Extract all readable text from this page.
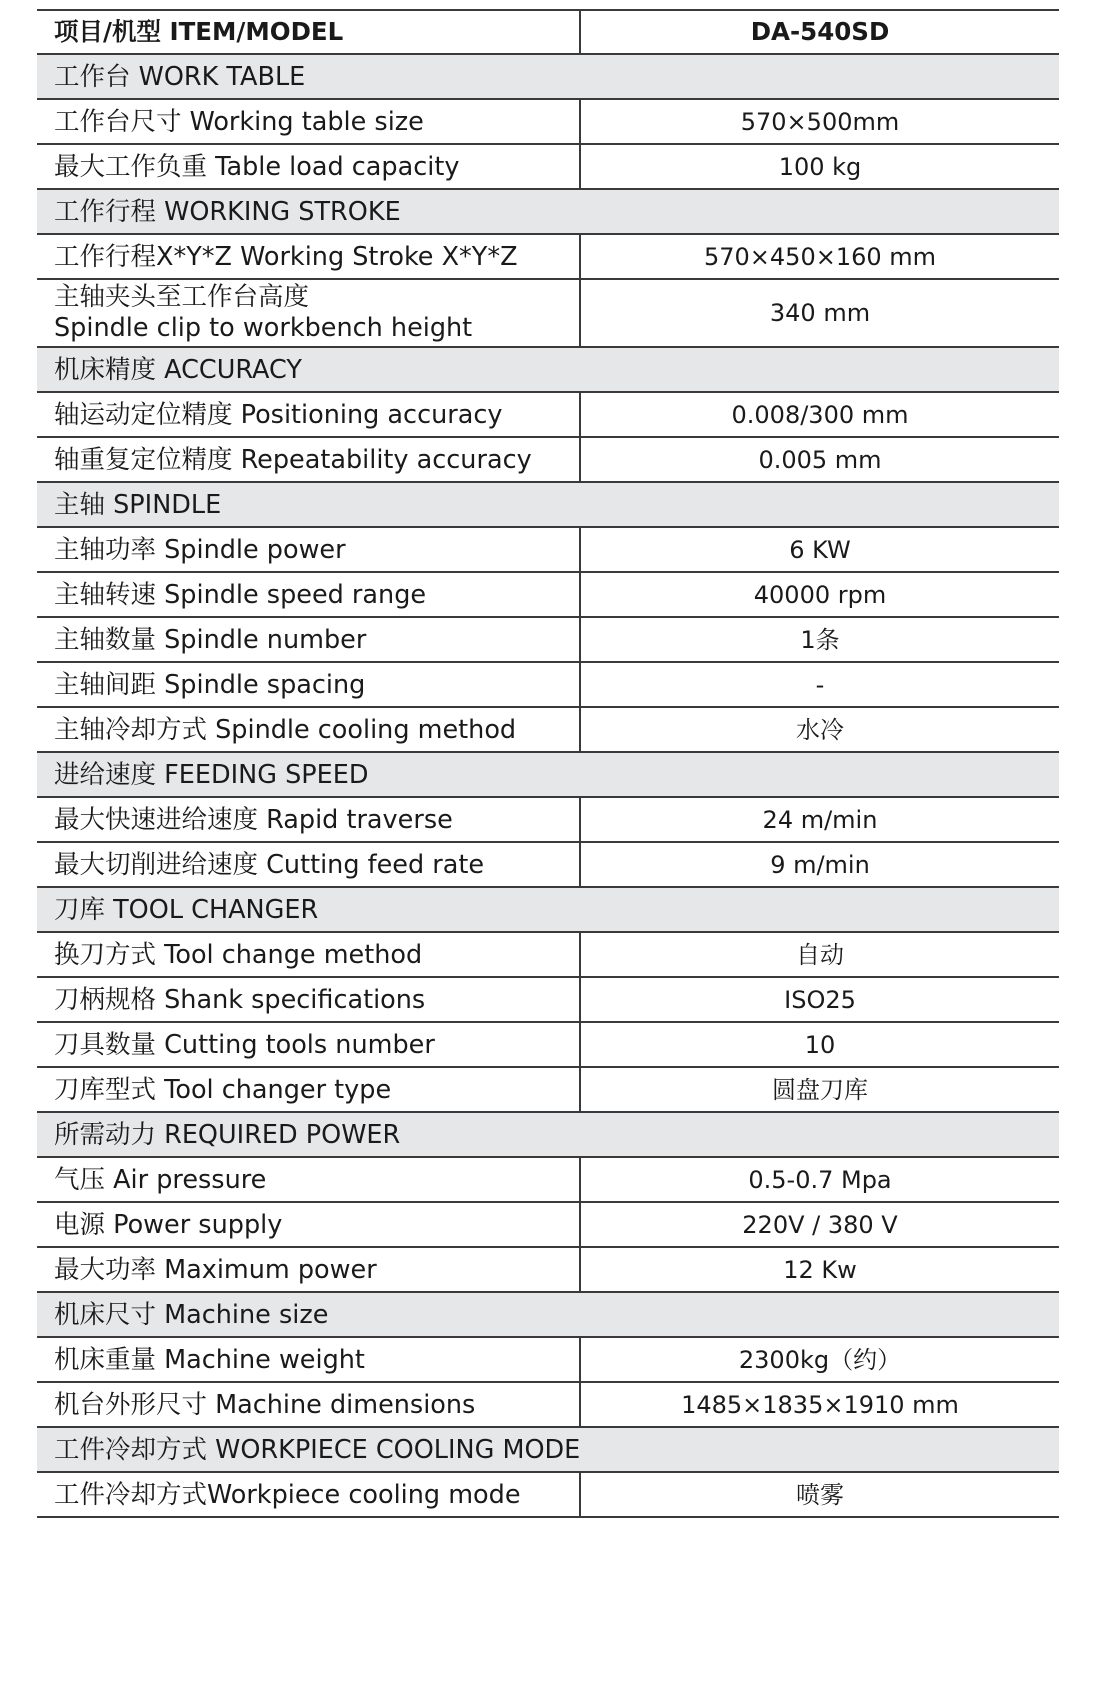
项目/机型 ITEM/MODEL	DA-540SD
工作台 WORK TABLE	
工作台尺寸 Working table size	570×500mm
最大工作负重 Table load capacity	100 kg
工作行程 WORKING STROKE	
工作行程X*Y*Z Working Stroke X*Y*Z	570×450×160 mm

主轴夹头至工作台高度
Spindle clip to workbench height	340 mm
机床精度 ACCURACY	
轴运动定位精度 Positioning accuracy	0.008/300 mm
轴重复定位精度 Repeatability accuracy	0.005 mm
主轴 SPINDLE	
主轴功率 Spindle power	6 KW
主轴转速 Spindle speed range	40000 rpm
主轴数量 Spindle number	1条
主轴间距 Spindle spacing	-
主轴冷却方式 Spindle cooling method	水冷
进给速度 FEEDING SPEED	
最大快速进给速度 Rapid traverse	24 m/min
最大切削进给速度 Cutting feed rate	9 m/min
刀库 TOOL CHANGER	
换刀方式 Tool change method	自动
刀柄规格 Shank specifications	ISO25
刀具数量 Cutting tools number	10
刀库型式 Tool changer type	圆盘刀库
所需动力 REQUIRED POWER	
气压 Air pressure	0.5-0.7 Mpa
电源 Power supply	220V / 380 V
最大功率 Maximum power	12 Kw
机床尺寸 Machine size	
机床重量 Machine weight	2300kg（约）
机台外形尺寸 Machine dimensions	1485×1835×1910 mm
工件冷却方式 WORKPIECE COOLING MODE	
工件冷却方式Workpiece cooling mode	喷雾
